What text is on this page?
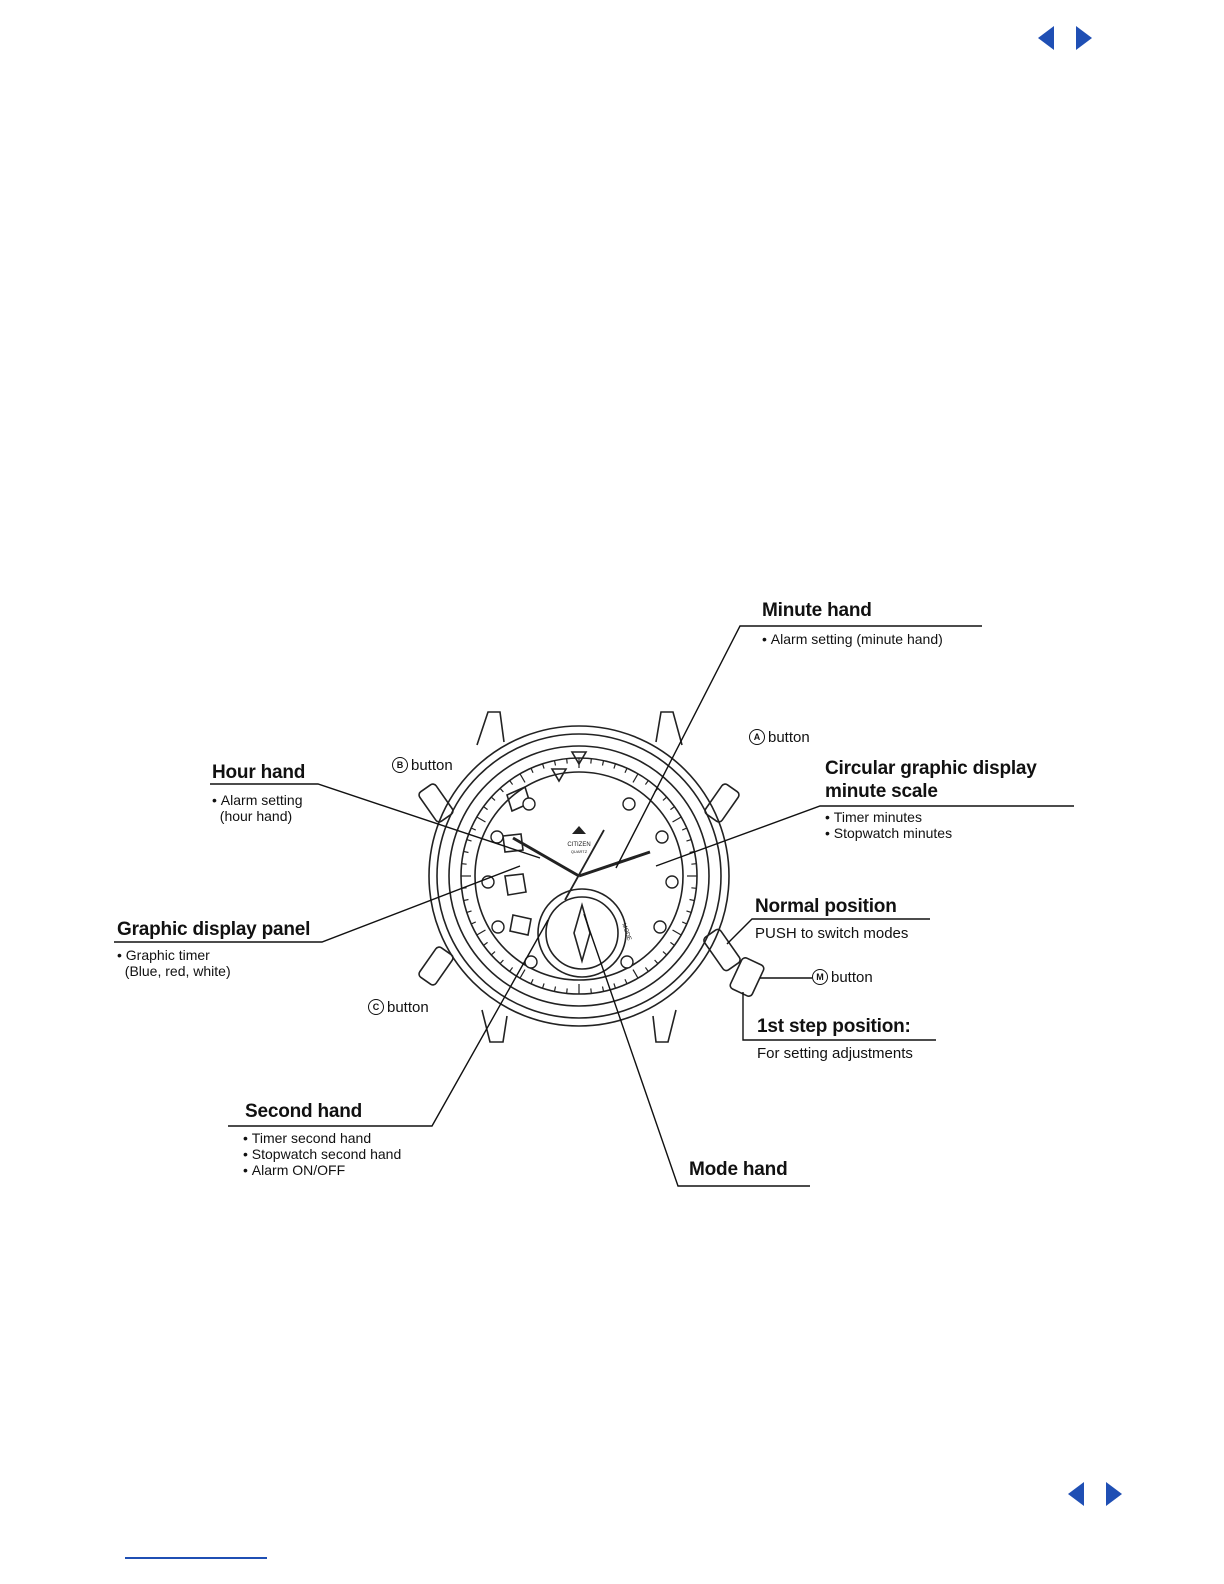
CITIZEN
QUARTZ
MODE
Minute hand
• Alarm setting (minute hand)
Hour hand
• Alarm setting
(hour hand)
Circular graphic display
minute scale
• Timer minutes
• Stopwatch minutes
Graphic display panel
• Graphic timer
(Blue, red, white)
Normal position
PUSH to switch modes
1st step position:
For setting adjustments
Second hand
• Timer second hand
• Stopwatch second hand
• Alarm ON/OFF	Mode hand
A button
B button
C button
M button
